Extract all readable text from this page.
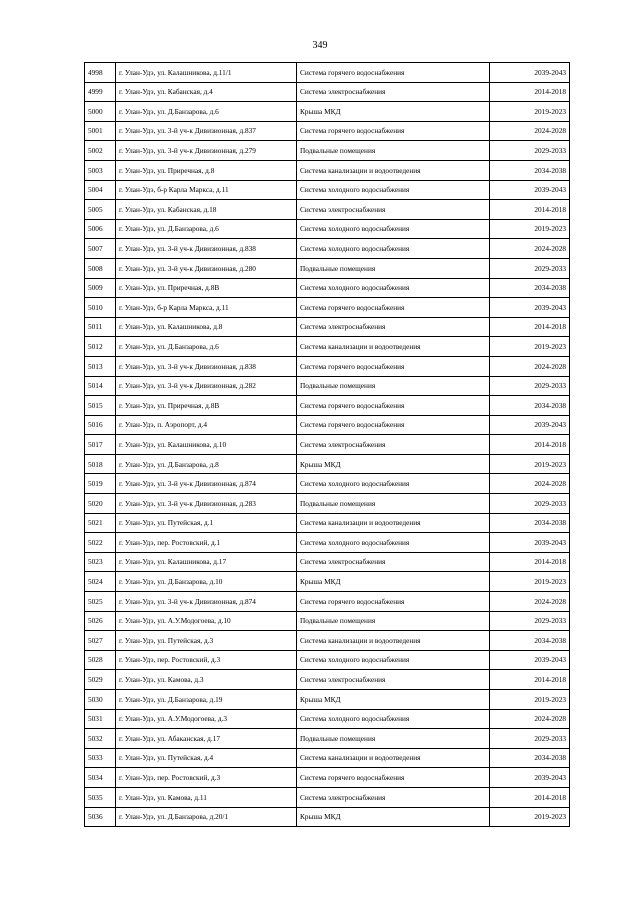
349
4998	г. Улан-Удэ, ул. Калашникова, д.11/1	Система горячего водоснабжения	2039-2043
4999	г. Улан-Удэ, ул. Кабанская, д.4	Система электроснабжения	2014-2018
5000	г. Улан-Удэ, ул. Д.Банзарова, д.6	Крыша МКД	2019-2023
5001	г. Улан-Удэ, ул. 3-й уч-к Дивизионная, д.837	Система горячего водоснабжения	2024-2028
5002	г. Улан-Удэ, ул. 3-й уч-к Дивизионная, д.279	Подвальные помещения	2029-2033
5003	г. Улан-Удэ, ул. Приречная, д.8	Система канализации и водоотведения	2034-2038
5004	г. Улан-Удэ, б-р Карла Маркса, д.11	Система холодного водоснабжения	2039-2043
5005	г. Улан-Удэ, ул. Кабанская, д.18	Система электроснабжения	2014-2018
5006	г. Улан-Удэ, ул. Д.Банзарова, д.6	Система холодного водоснабжения	2019-2023
5007	г. Улан-Удэ, ул. 3-й уч-к Дивизионная, д.838	Система холодного водоснабжения	2024-2028
5008	г. Улан-Удэ, ул. 3-й уч-к Дивизионная, д.280	Подвальные помещения	2029-2033
5009	г. Улан-Удэ, ул. Приречная, д.8В	Система холодного водоснабжения	2034-2038
5010	г. Улан-Удэ, б-р Карла Маркса, д.11	Система горячего водоснабжения	2039-2043
5011	г. Улан-Удэ, ул. Калашникова, д.8	Система электроснабжения	2014-2018
5012	г. Улан-Удэ, ул. Д.Банзарова, д.6	Система канализации и водоотведения	2019-2023
5013	г. Улан-Удэ, ул. 3-й уч-к Дивизионная, д.838	Система горячего водоснабжения	2024-2028
5014	г. Улан-Удэ, ул. 3-й уч-к Дивизионная, д.282	Подвальные помещения	2029-2033
5015	г. Улан-Удэ, ул. Приречная, д.8В	Система горячего водоснабжения	2034-2038
5016	г. Улан-Удэ, п. Аэропорт, д.4	Система горячего водоснабжения	2039-2043
5017	г. Улан-Удэ, ул. Калашникова, д.10	Система электроснабжения	2014-2018
5018	г. Улан-Удэ, ул. Д.Банзарова, д.8	Крыша МКД	2019-2023
5019	г. Улан-Удэ, ул. 3-й уч-к Дивизионная, д.874	Система холодного водоснабжения	2024-2028
5020	г. Улан-Удэ, ул. 3-й уч-к Дивизионная, д.283	Подвальные помещения	2029-2033
5021	г. Улан-Удэ, ул. Путейская, д.1	Система канализации и водоотведения	2034-2038
5022	г. Улан-Удэ, пер. Ростовский, д.1	Система холодного водоснабжения	2039-2043
5023	г. Улан-Удэ, ул. Калашникова, д.17	Система электроснабжения	2014-2018
5024	г. Улан-Удэ, ул. Д.Банзарова, д.10	Крыша МКД	2019-2023
5025	г. Улан-Удэ, ул. 3-й уч-к Дивизионная, д.874	Система горячего водоснабжения	2024-2028
5026	г. Улан-Удэ, ул. А.У.Модогоева, д.10	Подвальные помещения	2029-2033
5027	г. Улан-Удэ, ул. Путейская, д.3	Система канализации и водоотведения	2034-2038
5028	г. Улан-Удэ, пер. Ростовский, д.3	Система холодного водоснабжения	2039-2043
5029	г. Улан-Удэ, ул. Камова, д.3	Система электроснабжения	2014-2018
5030	г. Улан-Удэ, ул. Д.Банзарова, д.19	Крыша МКД	2019-2023
5031	г. Улан-Удэ, ул. А.У.Модогоева, д.3	Система холодного водоснабжения	2024-2028
5032	г. Улан-Удэ, ул. Абаканская, д.17	Подвальные помещения	2029-2033
5033	г. Улан-Удэ, ул. Путейская, д.4	Система канализации и водоотведения	2034-2038
5034	г. Улан-Удэ, пер. Ростовский, д.3	Система горячего водоснабжения	2039-2043
5035	г. Улан-Удэ, ул. Камова, д.11	Система электроснабжения	2014-2018
5036	г. Улан-Удэ, ул. Д.Банзарова, д.20/1	Крыша МКД	2019-2023
